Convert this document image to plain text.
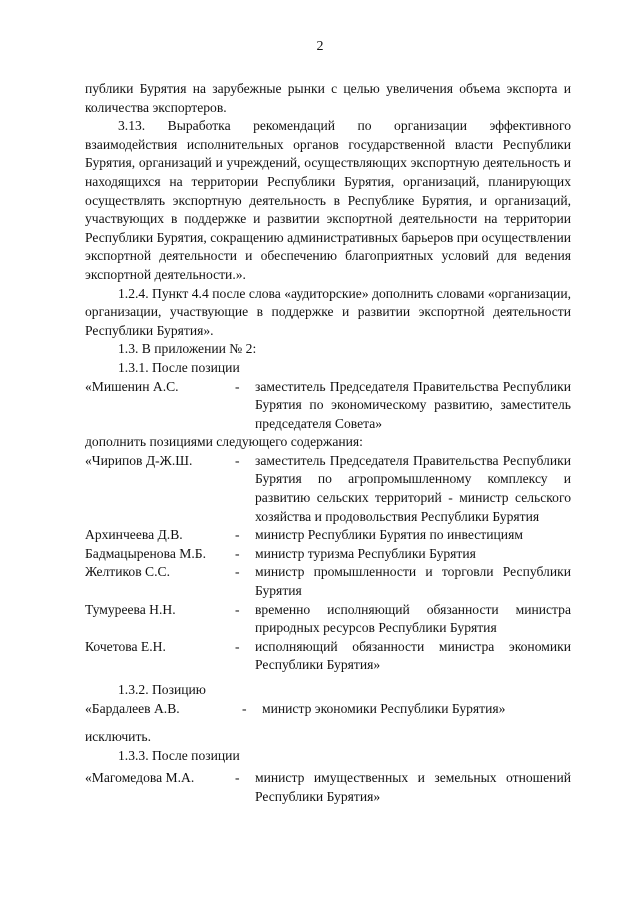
2

публики Бурятия на зарубежные рынки с целью увеличения объема экспорта и количества экспортеров.

3.13. Выработка рекомендаций по организации эффективного взаимодействия исполнительных органов государственной власти Республики Бурятия, организаций и учреждений, осуществляющих экспортную деятельность и находящихся на территории Республики Бурятия, организаций, планирующих осуществлять экспортную деятельность в Республике Бурятия, и организаций, участвующих в поддержке и развитии экспортной деятельности на территории Республики Бурятия, сокращению административных барьеров при осуществлении экспортной деятельности и обеспечению благоприятных условий для ведения экспортной деятельности.».

1.2.4. Пункт 4.4 после слова «аудиторские» дополнить словами «организации, организации, участвующие в поддержке и развитии экспортной деятельности Республики Бурятия».

1.3. В приложении № 2:

1.3.1. После позиции

«Мишенин А.С.	-	заместитель Председателя Правительства Республики Бурятия по экономическому развитию, заместитель председателя Совета»

дополнить позициями следующего содержания:

«Чирипов Д-Ж.Ш.	-	заместитель Председателя Правительства Республики Бурятия по агропромышленному комплексу и развитию сельских территорий - министр сельского хозяйства и продовольствия Республики Бурятия
Архинчеева Д.В.	-	министр Республики Бурятия по инвестициям
Бадмацыренова М.Б.	-	министр туризма Республики Бурятия
Желтиков С.С.	-	министр промышленности и торговли Республики Бурятия
Тумуреева Н.Н.	-	временно исполняющий обязанности министра природных ресурсов Республики Бурятия
Кочетова Е.Н.	-	исполняющий обязанности министра экономики Республики Бурятия»

1.3.2. Позицию

«Бардалеев А.В.	-	министр экономики Республики Бурятия»

исключить.

1.3.3. После позиции

«Магомедова М.А.	-	министр имущественных и земельных отношений Республики Бурятия»
